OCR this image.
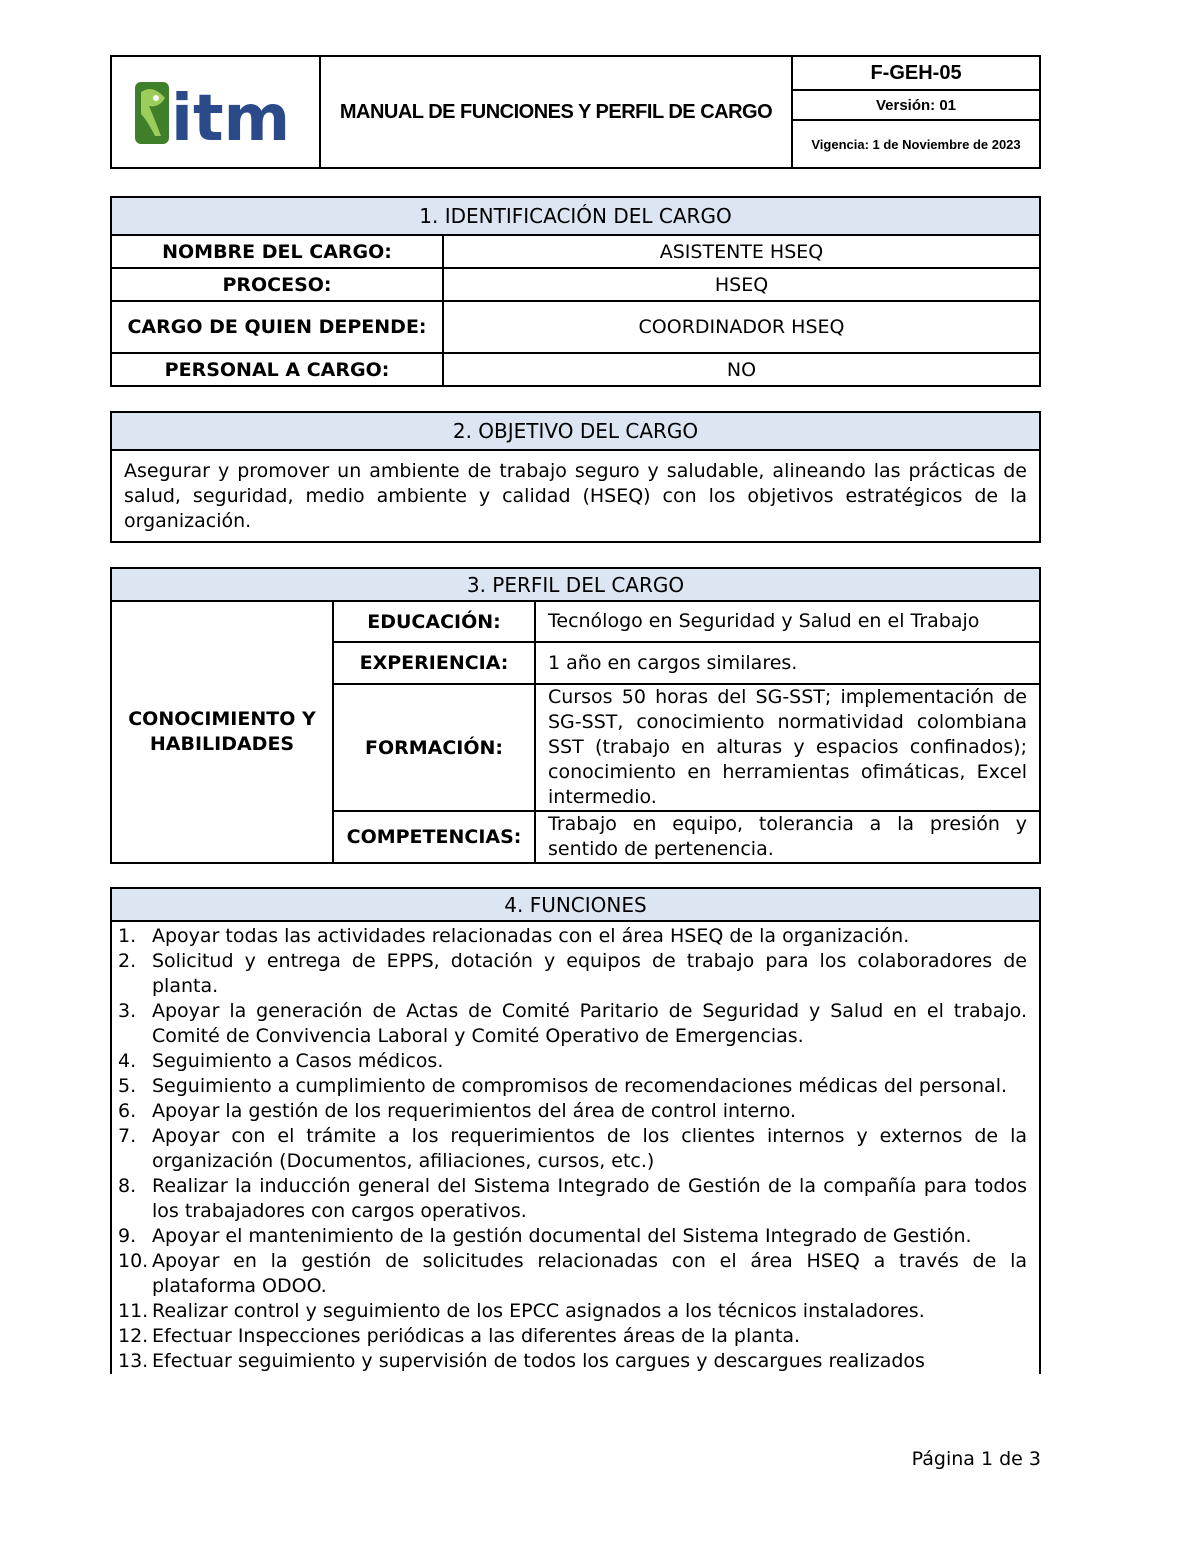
itm	MANUAL DE FUNCIONES Y PERFIL DE CARGO	F-GEH-05
Versión: 01
Vigencia: 1 de Noviembre de 2023
1. IDENTIFICACIÓN DEL CARGO	
NOMBRE DEL CARGO:	ASISTENTE HSEQ
PROCESO:	HSEQ
CARGO DE QUIEN DEPENDE:	COORDINADOR HSEQ
PERSONAL A CARGO:	NO
2. OBJETIVO DEL CARGO
Asegurar y promover un ambiente de trabajo seguro y saludable, alineando las prácticas de salud, seguridad, medio ambiente y calidad (HSEQ) con los objetivos estratégicos de la organización.
3. PERFIL DEL CARGO		
CONOCIMIENTO Y HABILIDADES	EDUCACIÓN:	Tecnólogo en Seguridad y Salud en el Trabajo
	EXPERIENCIA:	1 año en cargos similares.
	FORMACIÓN:	Cursos 50 horas del SG-SST; implementación de SG-SST, conocimiento normatividad colombiana SST (trabajo en alturas y espacios confinados); conocimiento en herramientas ofimáticas, Excel intermedio.
	COMPETENCIAS:	Trabajo en equipo, tolerancia a la presión y sentido de pertenencia.
4. FUNCIONES

1. Apoyar todas las actividades relacionadas con el área HSEQ de la organización.
2. Solicitud y entrega de EPPS, dotación y equipos de trabajo para los colaboradores de planta.
3. Apoyar la generación de Actas de Comité Paritario de Seguridad y Salud en el trabajo. Comité de Convivencia Laboral y Comité Operativo de Emergencias.
4. Seguimiento a Casos médicos.
5. Seguimiento a cumplimiento de compromisos de recomendaciones médicas del personal.
6. Apoyar la gestión de los requerimientos del área de control interno.
7. Apoyar con el trámite a los requerimientos de los clientes internos y externos de la organización (Documentos, afiliaciones, cursos, etc.)
8. Realizar la inducción general del Sistema Integrado de Gestión de la compañía para todos los trabajadores con cargos operativos.
9. Apoyar el mantenimiento de la gestión documental del Sistema Integrado de Gestión.
10. Apoyar en la gestión de solicitudes relacionadas con el área HSEQ a través de la plataforma ODOO.
11. Realizar control y seguimiento de los EPCC asignados a los técnicos instaladores.
12. Efectuar Inspecciones periódicas a las diferentes áreas de la planta.
13. Efectuar seguimiento y supervisión de todos los cargues y descargues realizados
Página 1 de 3
